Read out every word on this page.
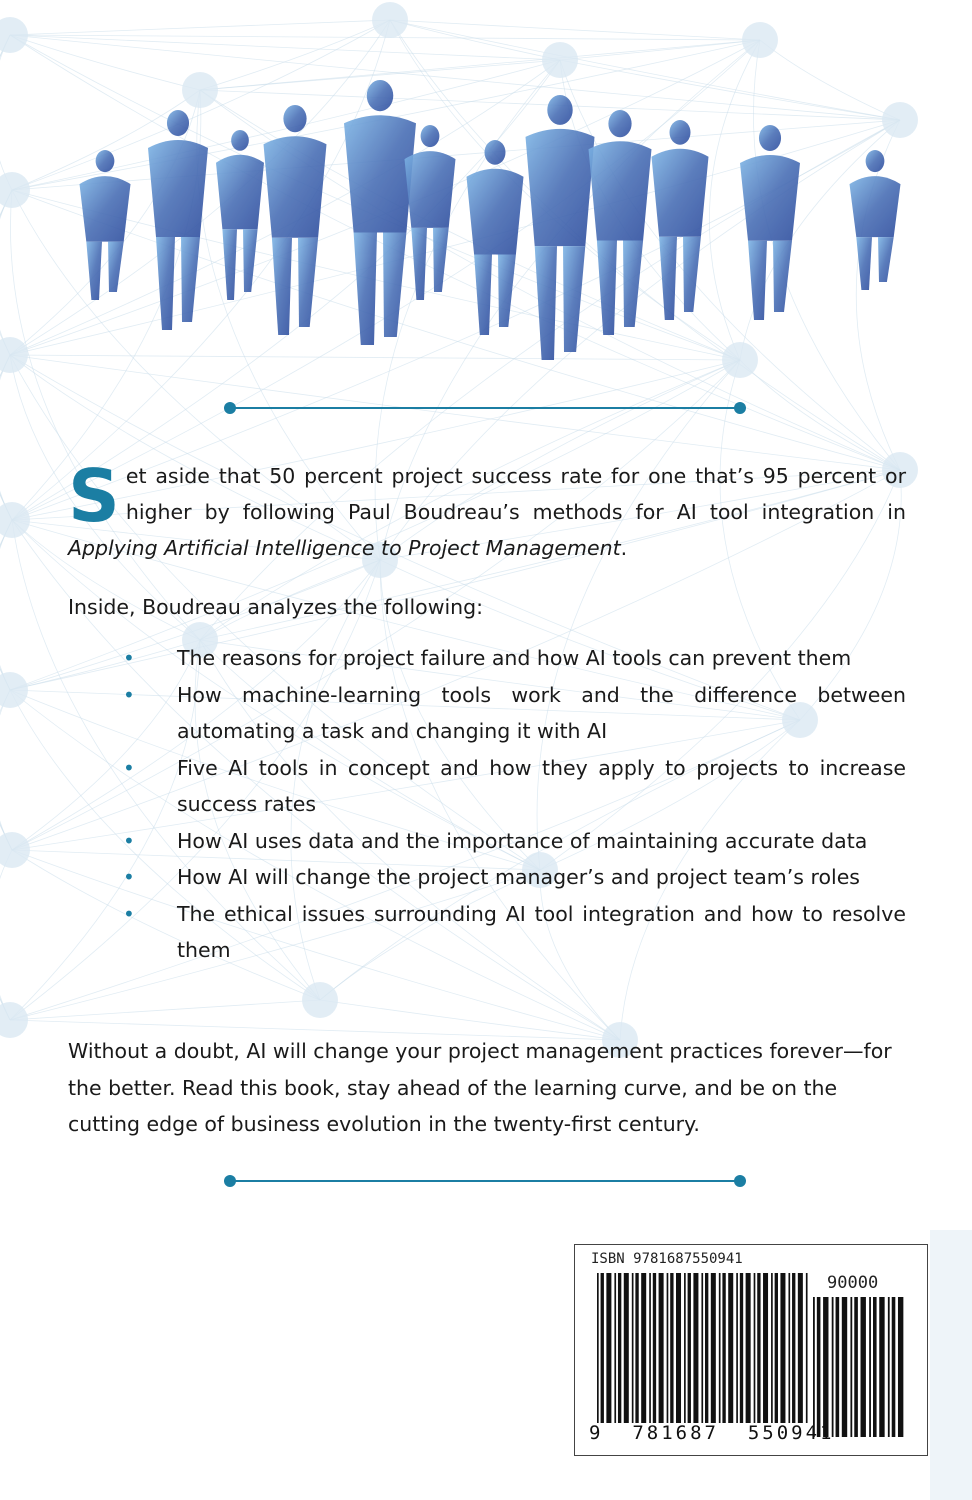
Set aside that 50 percent project success rate for one that’s 95 percent or higher by following Paul Boudreau’s methods for AI tool integration in Applying Artificial Intelligence to Project Management.
Inside, Boudreau analyzes the following:
• The reasons for project failure and how AI tools can prevent them
• How machine-learning tools work and the difference between automating a task and changing it with AI
• Five AI tools in concept and how they apply to projects to increase success rates
• How AI uses data and the importance of maintaining accurate data
• How AI will change the project manager’s and project team’s roles
• The ethical issues surrounding AI tool integration and how to resolve them
Without a doubt, AI will change your project management practices forever—for the better. Read this book, stay ahead of the learning curve, and be on the cutting edge of business evolution in the twenty-first century.
ISBN 9781687550941
90000
9  781687  550941
